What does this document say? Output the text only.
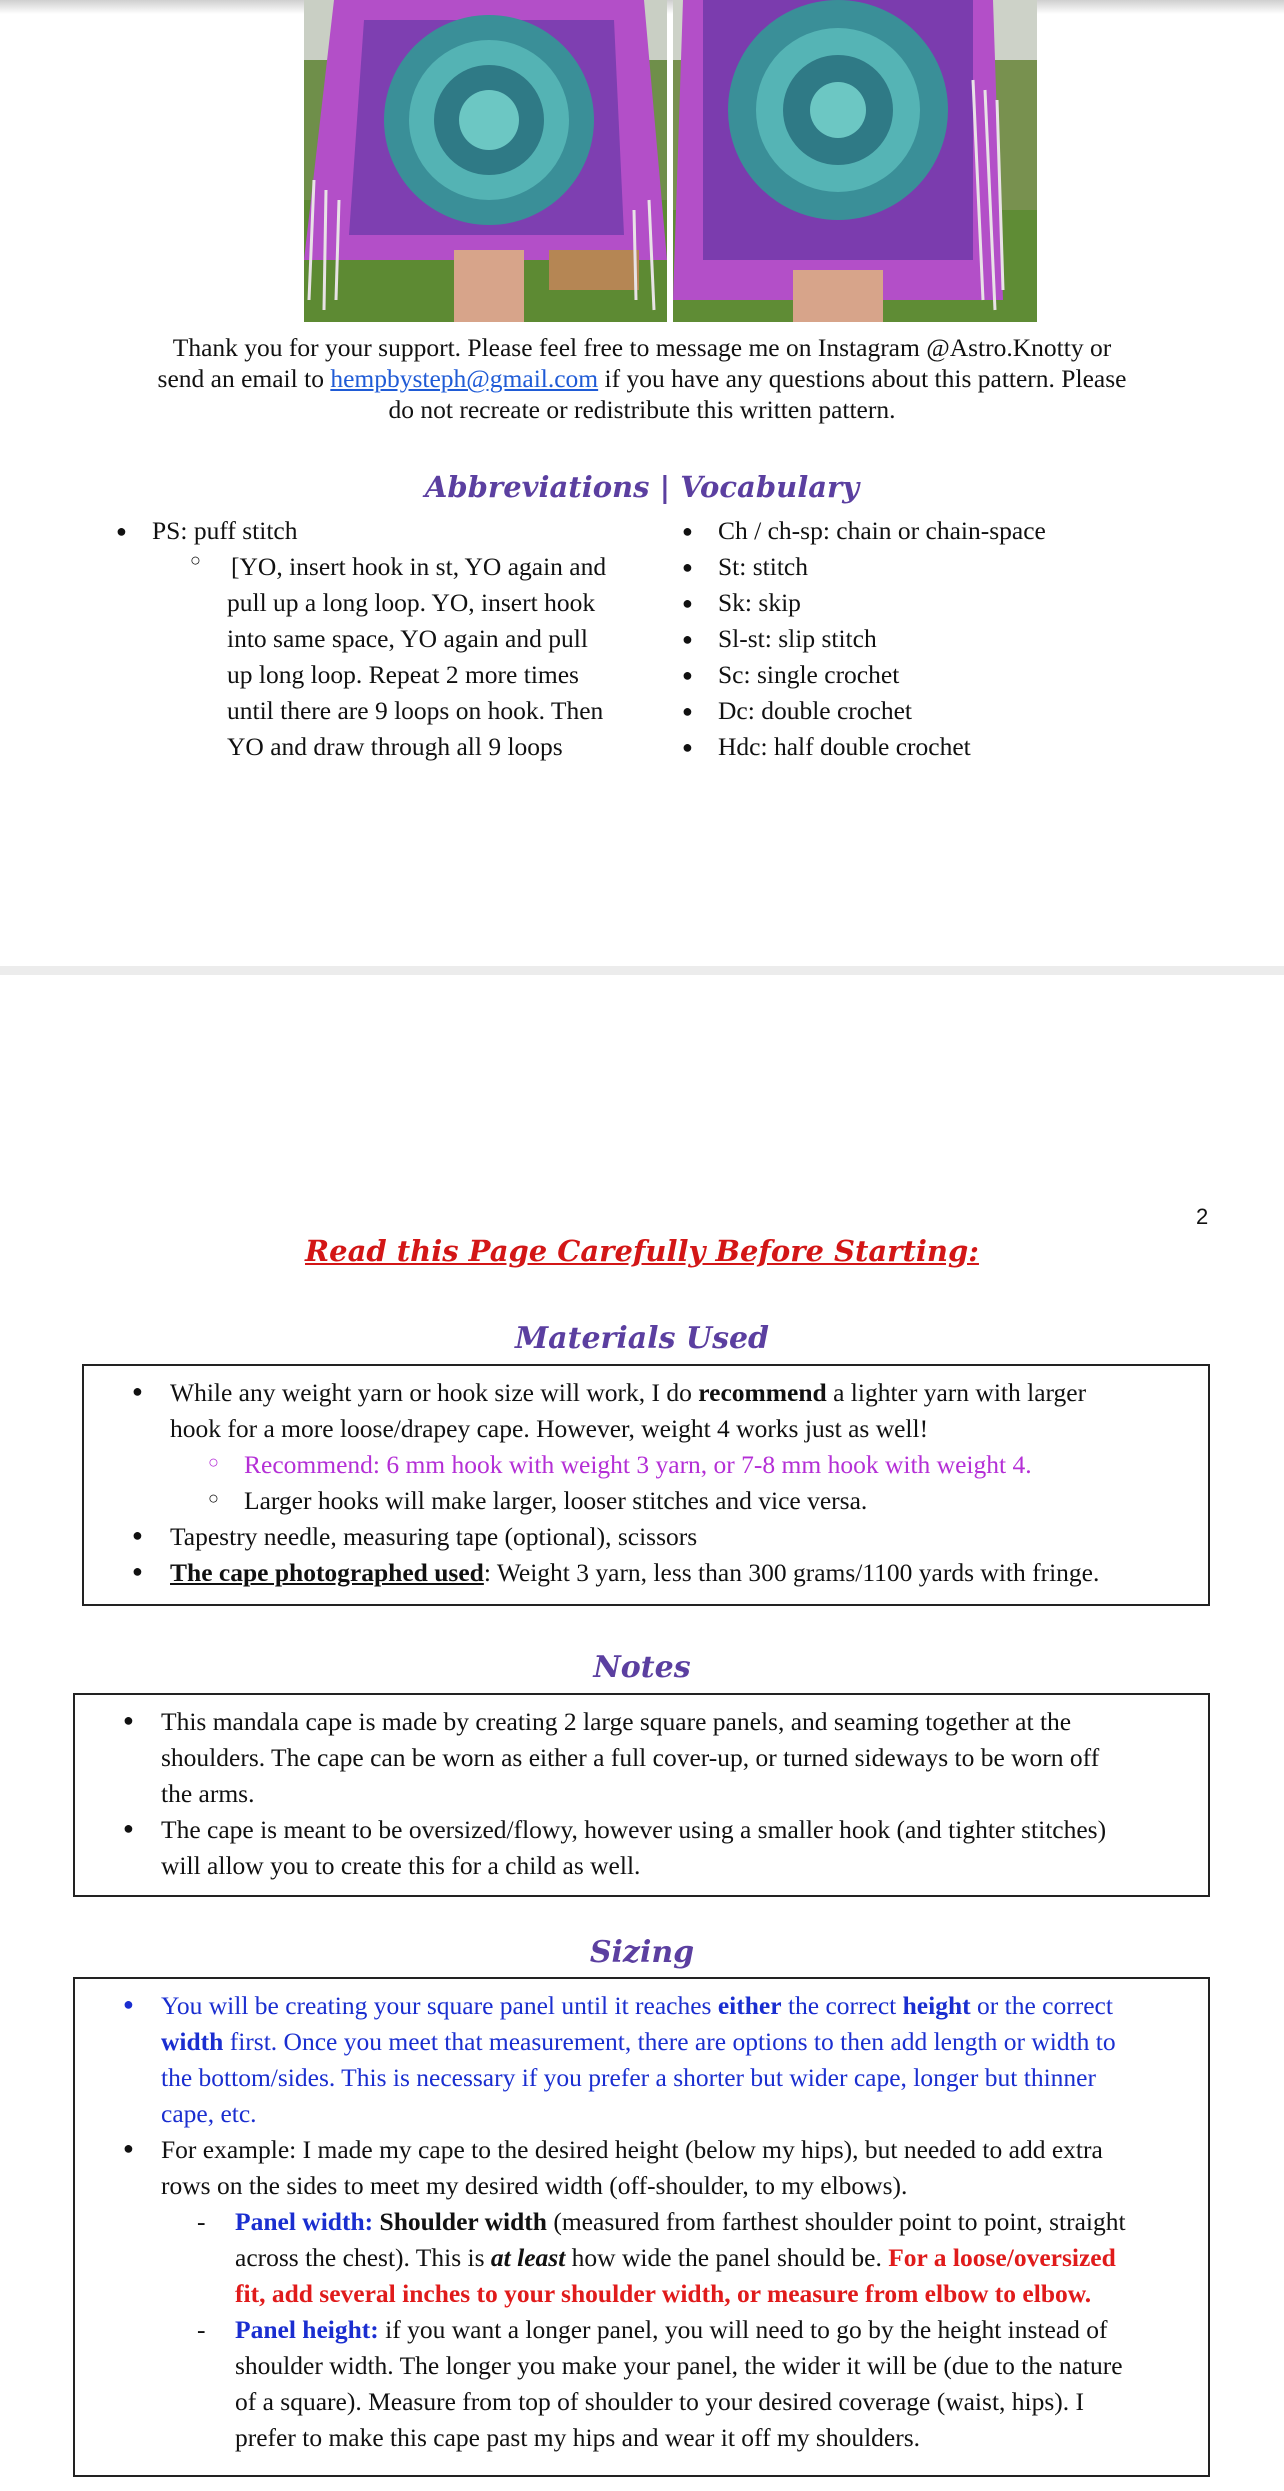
Thank you for your support. Please feel free to message me on Instagram @Astro.Knotty or send an email to hempbysteph@gmail.com if you have any questions about this pattern. Please do not recreate or redistribute this written pattern.
Abbreviations | Vocabulary
● PS: puff stitch
○ [YO, insert hook in st, YO again and
pull up a long loop. YO, insert hook
into same space, YO again and pull
up long loop. Repeat 2 more times
until there are 9 loops on hook. Then
YO and draw through all 9 loops
● Ch / ch-sp: chain or chain-space
● St: stitch
● Sk: skip
● Sl-st: slip stitch
● Sc: single crochet
● Dc: double crochet
● Hdc: half double crochet
2
Read this Page Carefully Before Starting:
Materials Used
● While any weight yarn or hook size will work, I do recommend a lighter yarn with larger
hook for a more loose/drapey cape. However, weight 4 works just as well!
○ Recommend: 6 mm hook with weight 3 yarn, or 7-8 mm hook with weight 4.
○ Larger hooks will make larger, looser stitches and vice versa.
● Tapestry needle, measuring tape (optional), scissors
● The cape photographed used: Weight 3 yarn, less than 300 grams/1100 yards with fringe.
Notes
● This mandala cape is made by creating 2 large square panels, and seaming together at the
shoulders. The cape can be worn as either a full cover-up, or turned sideways to be worn off
the arms.
● The cape is meant to be oversized/flowy, however using a smaller hook (and tighter stitches)
will allow you to create this for a child as well.
Sizing
● You will be creating your square panel until it reaches either the correct height or the correct
width first. Once you meet that measurement, there are options to then add length or width to
the bottom/sides. This is necessary if you prefer a shorter but wider cape, longer but thinner
cape, etc.
● For example: I made my cape to the desired height (below my hips), but needed to add extra
rows on the sides to meet my desired width (off-shoulder, to my elbows).
- Panel width: Shoulder width (measured from farthest shoulder point to point, straight
across the chest). This is at least how wide the panel should be. For a loose/oversized
fit, add several inches to your shoulder width, or measure from elbow to elbow.
- Panel height: if you want a longer panel, you will need to go by the height instead of
shoulder width. The longer you make your panel, the wider it will be (due to the nature
of a square). Measure from top of shoulder to your desired coverage (waist, hips). I
prefer to make this cape past my hips and wear it off my shoulders.
